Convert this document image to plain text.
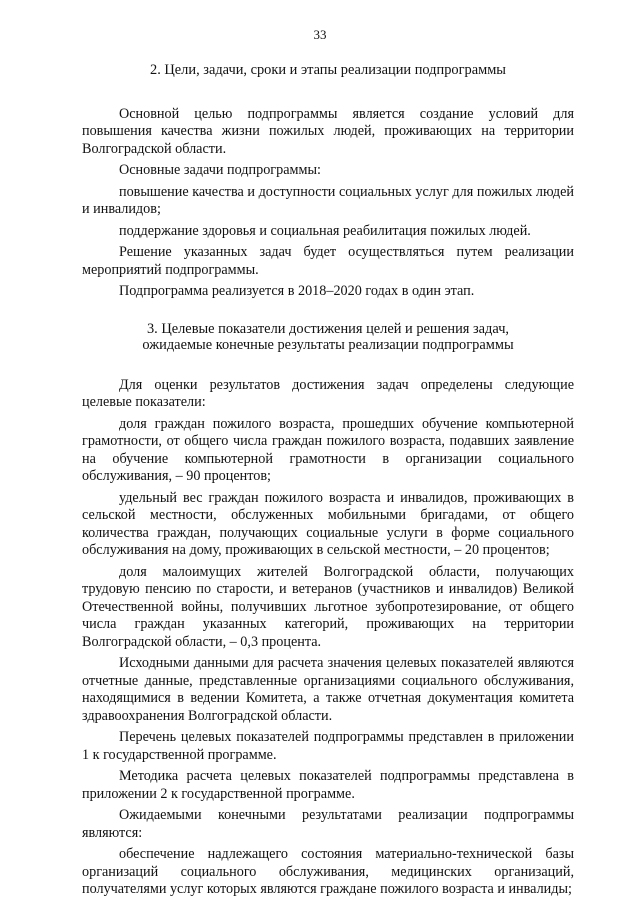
33
2. Цели, задачи, сроки и этапы реализации подпрограммы

Основной целью подпрограммы является создание условий для повышения качества жизни пожилых людей, проживающих на территории Волгоградской области.

Основные задачи подпрограммы:

повышение качества и доступности социальных услуг для пожилых людей и инвалидов;

поддержание здоровья и социальная реабилитация пожилых людей.

Решение указанных задач будет осуществляться путем реализации мероприятий подпрограммы.

Подпрограмма реализуется в 2018–2020 годах в один этап.

3. Целевые показатели достижения целей и решения задач,
ожидаемые конечные результаты реализации подпрограммы

Для оценки результатов достижения задач определены следующие целевые показатели:

доля граждан пожилого возраста, прошедших обучение компьютерной грамотности, от общего числа граждан пожилого возраста, подавших заявление на обучение компьютерной грамотности в организации социального обслуживания, – 90 процентов;

удельный вес граждан пожилого возраста и инвалидов, проживающих в сельской местности, обслуженных мобильными бригадами, от общего количества граждан, получающих социальные услуги в форме социального обслуживания на дому, проживающих в сельской местности, – 20 процентов;

доля малоимущих жителей Волгоградской области, получающих трудовую пенсию по старости, и ветеранов (участников и инвалидов) Великой Отечественной войны, получивших льготное зубопротезирование, от общего числа граждан указанных категорий, проживающих на территории Волгоградской области, – 0,3 процента.

Исходными данными для расчета значения целевых показателей являются отчетные данные, представленные организациями социального обслуживания, находящимися в ведении Комитета, а также отчетная документация комитета здравоохранения Волгоградской области.

Перечень целевых показателей подпрограммы представлен в приложении 1 к государственной программе.

Методика расчета целевых показателей подпрограммы представлена в приложении 2 к государственной программе.

Ожидаемыми конечными результатами реализации подпрограммы являются:

обеспечение надлежащего состояния материально-технической базы организаций социального обслуживания, медицинских организаций, получателями услуг которых являются граждане пожилого возраста и инвалиды;
